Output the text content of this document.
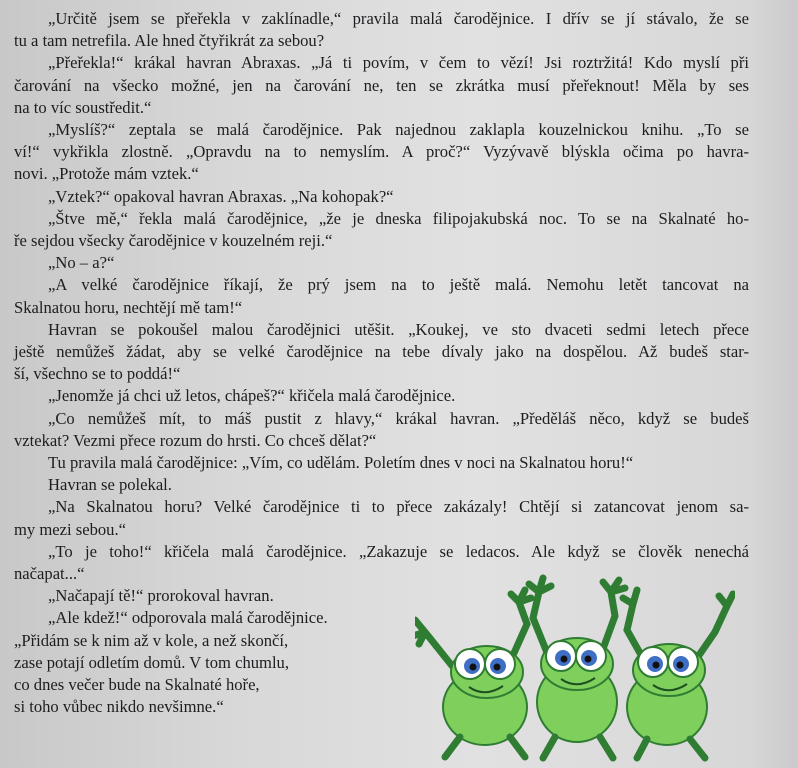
„Určitě jsem se přeřekla v zaklínadle,“ pravila malá čarodějnice. I dřív se jí stávalo, že se

tu a tam netrefila. Ale hned čtyřikrát za sebou?

„Přeřekla!“ krákal havran Abraxas. „Já ti povím, v čem to vězí! Jsi roztržitá! Kdo myslí při

čarování na všecko možné, jen na čarování ne, ten se zkrátka musí přeřeknout! Měla by ses

na to víc soustředit.“

„Myslíš?“ zeptala se malá čarodějnice. Pak najednou zaklapla kouzelnickou knihu. „To se

ví!“ vykřikla zlostně. „Opravdu na to nemyslím. A proč?“ Vyzývavě blýskla očima po havra-

novi. „Protože mám vztek.“

„Vztek?“ opakoval havran Abraxas. „Na kohopak?“

„Štve mě,“ řekla malá čarodějnice, „že je dneska filipojakubská noc. To se na Skalnaté ho-

ře sejdou všecky čarodějnice v kouzelném reji.“

„No – a?“

„A velké čarodějnice říkají, že prý jsem na to ještě malá. Nemohu letět tancovat na

Skalnatou horu, nechtějí mě tam!“

Havran se pokoušel malou čarodějnici utěšit. „Koukej, ve sto dvaceti sedmi letech přece

ještě nemůžeš žádat, aby se velké čarodějnice na tebe dívaly jako na dospělou. Až budeš star-

ší, všechno se to poddá!“

„Jenomže já chci už letos, chápeš?“ křičela malá čarodějnice.

„Co nemůžeš mít, to máš pustit z hlavy,“ krákal havran. „Předěláš něco, když se budeš

vztekat? Vezmi přece rozum do hrsti. Co chceš dělat?“

Tu pravila malá čarodějnice: „Vím, co udělám. Poletím dnes v noci na Skalnatou horu!“

Havran se polekal.

„Na Skalnatou horu? Velké čarodějnice ti to přece zakázaly! Chtějí si zatancovat jenom sa-

my mezi sebou.“

„To je toho!“ křičela malá čarodějnice. „Zakazuje se ledacos. Ale když se člověk nenechá

načapat...“

„Načapají tě!“ prorokoval havran.

„Ale kdež!“ odporovala malá čarodějnice.

„Přidám se k nim až v kole, a než skončí,

zase potají odletím domů. V tom chumlu,

co dnes večer bude na Skalnaté hoře,

si toho vůbec nikdo nevšimne.“
